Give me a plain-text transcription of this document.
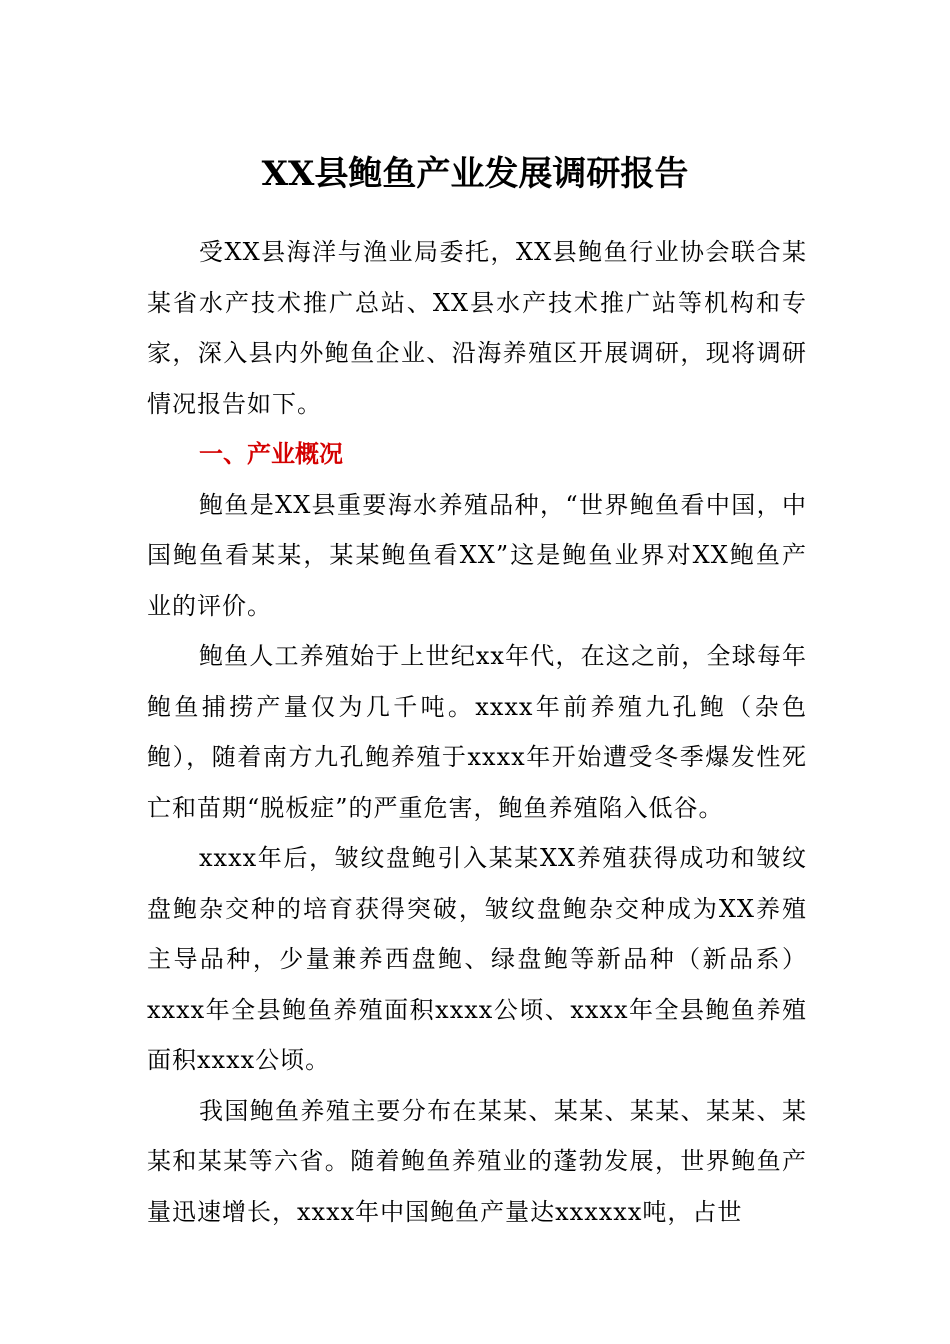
XX县鲍鱼产业发展调研报告

受XX县海洋与渔业局委托，XX县鲍鱼行业协会联合某某省水产技术推广总站、XX县水产技术推广站等机构和专家，深入县内外鲍鱼企业、沿海养殖区开展调研，现将调研情况报告如下。

一、产业概况

鲍鱼是XX县重要海水养殖品种，“世界鲍鱼看中国，中国鲍鱼看某某，某某鲍鱼看XX”这是鲍鱼业界对XX鲍鱼产业的评价。

鲍鱼人工养殖始于上世纪xx年代，在这之前，全球每年鲍鱼捕捞产量仅为几千吨。xxxx年前养殖九孔鲍（杂色鲍），随着南方九孔鲍养殖于xxxx年开始遭受冬季爆发性死亡和苗期“脱板症”的严重危害，鲍鱼养殖陷入低谷。

xxxx年后，皱纹盘鲍引入某某XX养殖获得成功和皱纹盘鲍杂交种的培育获得突破，皱纹盘鲍杂交种成为XX养殖主导品种，少量兼养西盘鲍、绿盘鲍等新品种（新品系）xxxx年全县鲍鱼养殖面积xxxx公顷、xxxx年全县鲍鱼养殖面积xxxx公顷。

我国鲍鱼养殖主要分布在某某、某某、某某、某某、某某和某某等六省。随着鲍鱼养殖业的蓬勃发展，世界鲍鱼产量迅速增长，xxxx年中国鲍鱼产量达xxxxxx吨，占世
